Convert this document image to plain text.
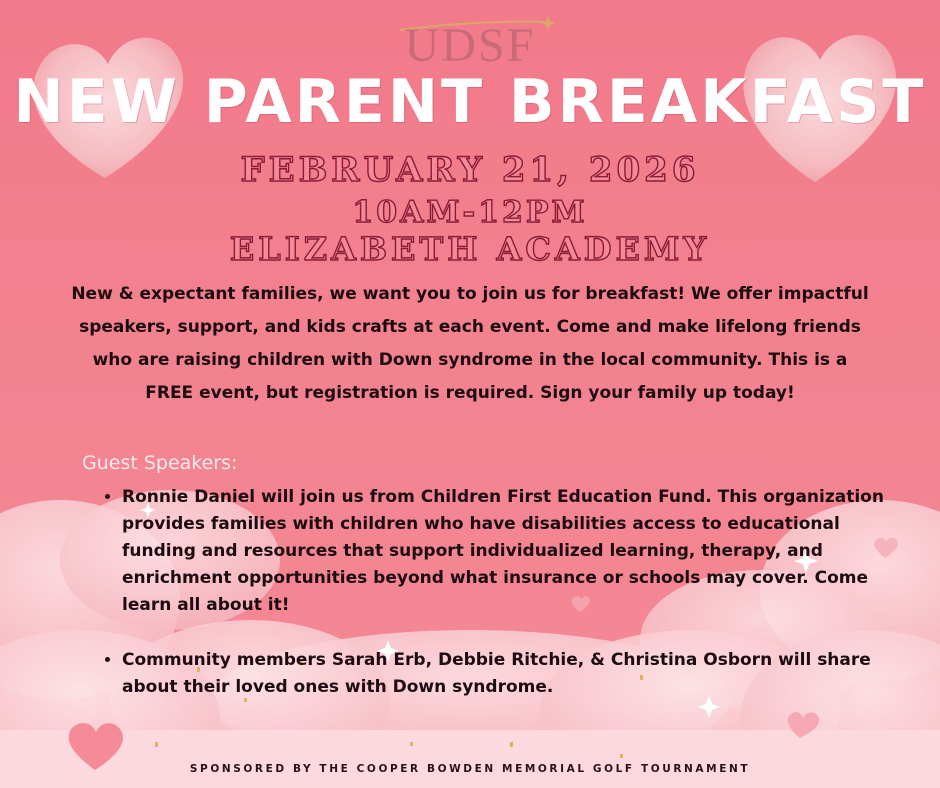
UDSF
NEW PARENT BREAKFAST
FEBRUARY 21, 2026
10AM-12PM
ELIZABETH ACADEMY
New & expectant families, we want you to join us for breakfast! We offer impactful speakers, support, and kids crafts at each event. Come and make lifelong friends who are raising children with Down syndrome in the local community. This is a FREE event, but registration is required. Sign your family up today!
Guest Speakers:
• Ronnie Daniel will join us from Children First Education Fund. This organization provides families with children who have disabilities access to educational funding and resources that support individualized learning, therapy, and enrichment opportunities beyond what insurance or schools may cover. Come learn all about it!
• Community members Sarah Erb, Debbie Ritchie, & Christina Osborn will share about their loved ones with Down syndrome.
SPONSORED BY THE COOPER BOWDEN MEMORIAL GOLF TOURNAMENT
